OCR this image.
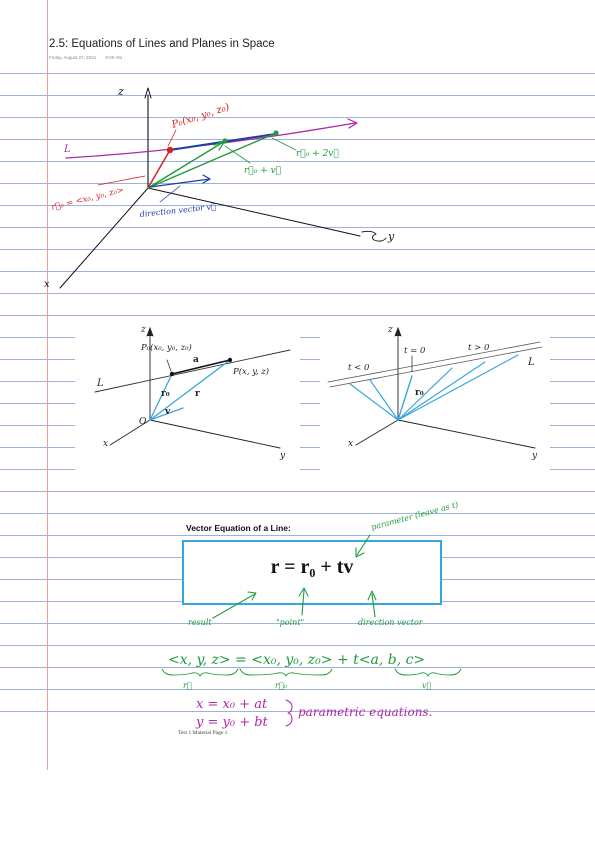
2.5: Equations of Lines and Planes in Space
Friday, August 27, 2021 9:00 AM
z
y
x
P₀(x₀, y₀, z₀)
L
r⃗₀ = <x₀, y₀, z₀>
r⃗₀ + v⃗
r⃗₀ + 2v⃗
direction vector v⃗
z
P₀(x₀, y₀, z₀)
a
P(x, y, z)
L
r₀	r
v
O
x
y
z
t = 0	t > 0
t < 0	L
r₀
x
y
Vector Equation of a Line:
r = r₀ + tv
parameter (leave as t)
result	"point"	direction vector
<x, y, z> = <x₀, y₀, z₀> + t<a, b, c>
r⃗	r⃗₀	v⃗
x = x₀ + at
y = y₀ + bt
parametric equations.
Test 1 Material Page 1
